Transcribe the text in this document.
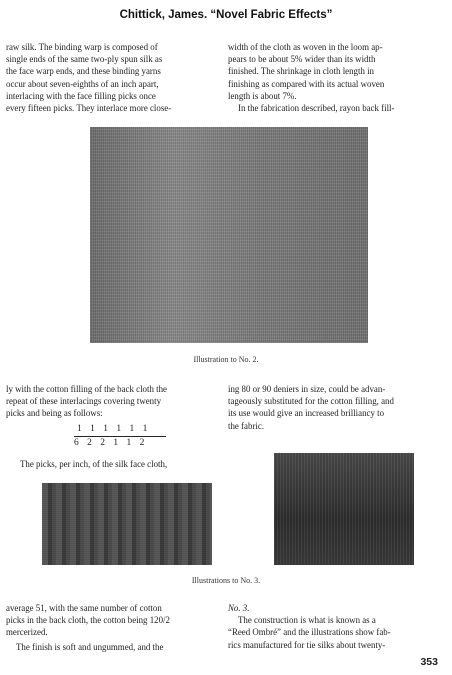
Chittick, James. “Novel Fabric Effects”
raw silk. The binding warp is composed of
single ends of the same two-ply spun silk as
the face warp ends, and these binding yarns
occur about seven-eighths of an inch apart,
interlacing with the face filling picks once
every fifteen picks. They interlace more close-
width of the cloth as woven in the loom ap-
pears to be about 5% wider than its width
finished. The shrinkage in cloth length in
finishing as compared with its actual woven
length is about 7%.
In the fabrication described, rayon back fill-
Illustration to No. 2.
ly with the cotton filling of the back cloth the
repeat of these interlacings covering twenty
picks and being as follows:
1 1 1 1 1 1
6 2 2 1 1 2
The picks, per inch, of the silk face cloth,
ing 80 or 90 deniers in size, could be advan-
tageously substituted for the cotton filling, and
its use would give an increased brilliancy to
the fabric.
Illustrations to No. 3.
average 51, with the same number of cotton
picks in the back cloth, the cotton being 120/2
mercerized.
The finish is soft and ungummed, and the
No. 3.
The construction is what is known as a
“Reed Ombré” and the illustrations show fab-
rics manufactured for tie silks about twenty-
353
